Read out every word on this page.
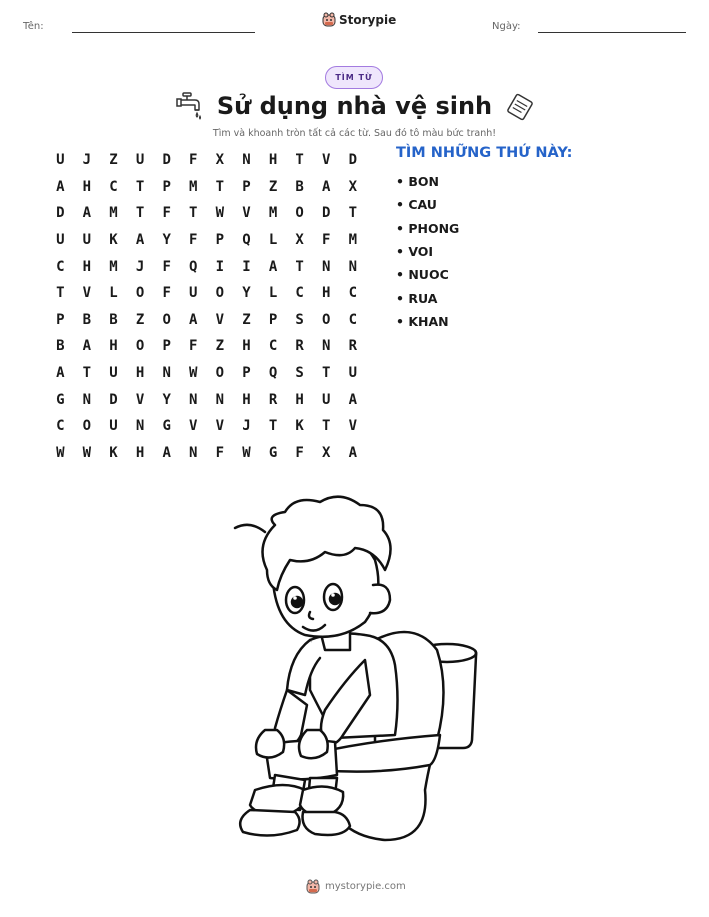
Tên:	Storypie	Ngày:
TÌM TỪ
Sử dụng nhà vệ sinh
Tìm và khoanh tròn tất cả các từ. Sau đó tô màu bức tranh!
U	J	Z	U	D	F	X	N	H	T	V	D
A	H	C	T	P	M	T	P	Z	B	A	X
D	A	M	T	F	T	W	V	M	O	D	T
U	U	K	A	Y	F	P	Q	L	X	F	M
C	H	M	J	F	Q	I	I	A	T	N	N
T	V	L	O	F	U	O	Y	L	C	H	C
P	B	B	Z	O	A	V	Z	P	S	O	C
B	A	H	O	P	F	Z	H	C	R	N	R
A	T	U	H	N	W	O	P	Q	S	T	U
G	N	D	V	Y	N	N	H	R	H	U	A
C	O	U	N	G	V	V	J	T	K	T	V
W	W	K	H	A	N	F	W	G	F	X	A
TÌM NHỮNG THỨ NÀY:
• BON
• CAU
• PHONG
• VOI
• NUOC
• RUA
• KHAN
mystorypie.com
